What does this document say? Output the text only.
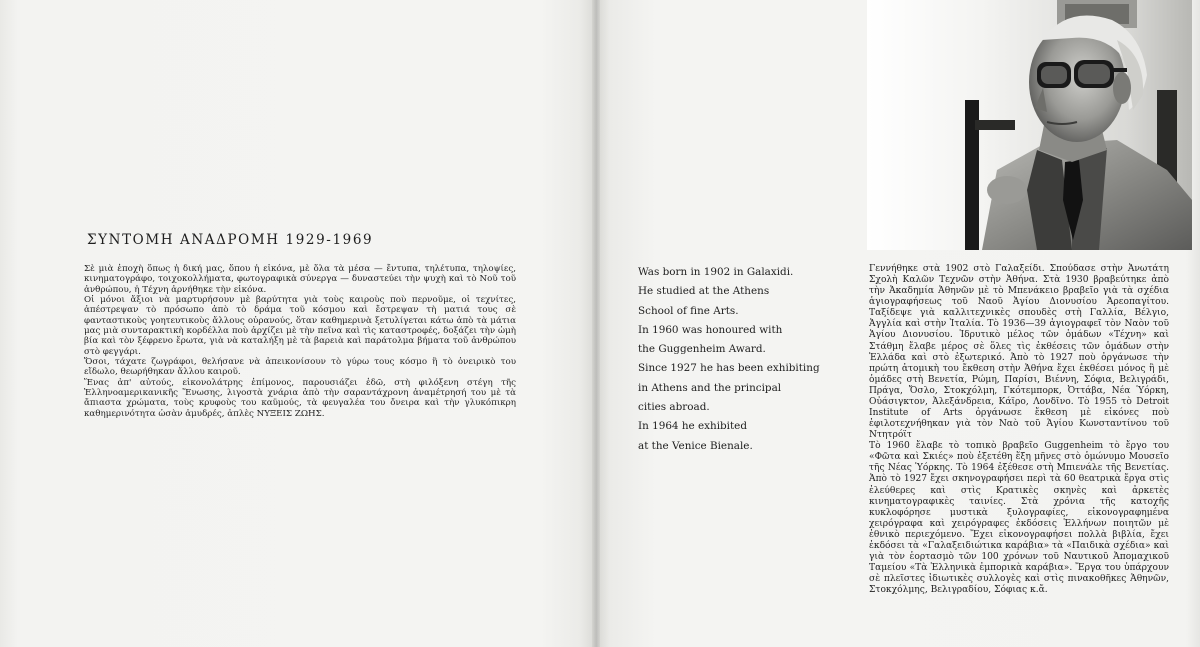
ΣΥΝΤΟΜΗ ΑΝΑΔΡΟΜΗ 1929-1969

Σὲ μιὰ ἐποχὴ ὅπως ἡ δική μας, ὅπου ἡ εἰκόνα, μὲ ὅλα τὰ μέσα — ἔντυπα, τηλέτυπα, τηλοψίες, κινηματογράφο, τοιχοκολλήματα, φωτογραφικὰ σύνεργα — δυναστεύει τὴν ψυχὴ καὶ τὸ Νοῦ τοῦ ἀνθρώπου, ἡ Τέχνη ἀρνήθηκε τὴν εἰκόνα.

Οἱ μόνοι ἄξιοι νὰ μαρτυρήσουν μὲ βαρύτητα γιὰ τοὺς καιροὺς ποὺ περνοῦμε, οἱ τεχνίτες, ἀπέστρεψαν τὸ πρόσωπο ἀπὸ τὸ δράμα τοῦ κόσμου καὶ ἔστρεψαν τὴ ματιά τους σὲ φανταστικοὺς γοητευτικοὺς ἄλλους οὐρανούς, ὅταν καθημερινὰ ξετυλίγεται κάτω ἀπὸ τὰ μάτια μας μιὰ συνταρακτικὴ κορδέλλα ποὺ ἀρχίζει μὲ τὴν πεῖνα καὶ τὶς καταστροφές, δοξάζει τὴν ὠμὴ βία καὶ τὸν ξέφρενο ἔρωτα, γιὰ νὰ καταλήξη μὲ τὰ βαρειὰ καὶ παράτολμα βήματα τοῦ ἀνθρώπου στὸ φεγγάρι.

Ὅσοι, τάχατε ζωγράφοι, θελήσανε νὰ ἀπεικονίσουν τὸ γύρω τους κόσμο ἢ τὸ ὀνειρικὸ του εἴδωλο, θεωρήθηκαν ἄλλου καιροῦ.

Ἕνας ἀπ' αὐτούς, εἰκονολάτρης ἐπίμονος, παρουσιάζει ἐδῶ, στὴ φιλόξενη στέγη τῆς Ἑλληνοαμερικανικῆς Ἕνωσης, λιγοστὰ χνάρια ἀπὸ τὴν σαραντάχρονη ἀναμέτρησή του μὲ τὰ ἄπιαστα χρώματα, τοὺς κρυφοὺς του καϋμούς, τὰ φευγαλέα του ὄνειρα καὶ τὴν γλυκόπικρη καθημερινότητα ὡσὰν ἀμυδρές, ἁπλὲς ΝΥΞΕΙΣ ΖΩΗΣ.

Was born in 1902 in Galaxidi.
He studied at the Athens
School of fine Arts.
In 1960 was honoured with
the Guggenheim Award.
Since 1927 he has been exhibiting
in Athens and the principal
cities abroad.
In 1964 he exhibited
at the Venice Bienale.

Γεννήθηκε στὰ 1902 στὸ Γαλαξείδι. Σπούδασε στὴν Ἀνωτάτη Σχολὴ Καλῶν Τεχνῶν στὴν Ἀθήνα. Στὰ 1930 βραβεύτηκε ἀπὸ τὴν Ἀκαδημία Ἀθηνῶν μὲ τὸ Μπενάκειο βραβεῖο γιὰ τὰ σχέδια ἁγιογραφήσεως τοῦ Ναοῦ Ἁγίου Διονυσίου Ἀρεοπαγίτου. Ταξίδεψε γιὰ καλλιτεχνικὲς σπουδὲς στὴ Γαλλία, Βέλγιο, Ἀγγλία καὶ στὴν Ἰταλία. Τὸ 1936—39 ἁγιογραφεῖ τὸν Ναὸν τοῦ Ἁγίου Διονυσίου. Ἱδρυτικὸ μέλος τῶν ὁμάδων «Τέχνη» καὶ Στάθμη ἔλαβε μέρος σὲ ὅλες τὶς ἐκθέσεις τῶν ὁμάδων στὴν Ἑλλάδα καὶ στὸ ἐξωτερικό. Ἀπὸ τὸ 1927 ποὺ ὀργάνωσε τὴν πρώτη ἀτομικὴ του ἔκθεση στὴν Ἀθήνα ἔχει ἐκθέσει μόνος ἢ μὲ ὁμάδες στὴ Βενετία, Ρώμη, Παρίσι, Βιέννη, Σόφια, Βελιγράδι, Πράγα, Ὄσλο, Στοκχόλμη, Γκότεμπορκ, Ὀττάβα, Νέα Ὑόρκη, Οὐάσιγκτον, Ἀλεξάνδρεια, Κάϊρο, Λονδῖνο. Τὸ 1955 τὸ Detroit Institute of Arts ὀργάνωσε ἔκθεση μὲ εἰκόνες ποὺ ἐφιλοτεχνήθηκαν γιὰ τὸν Ναὸ τοῦ Ἁγίου Κωνσταντίνου τοῦ Ντητρόϊτ

Τὸ 1960 ἔλαβε τὸ τοπικὸ βραβεῖο Guggenheim τὸ ἔργο του «Φῶτα καὶ Σκιές» ποὺ ἐξετέθη ἕξη μῆνες στὸ ὁμώνυμο Μουσεῖο τῆς Νέας Ὑόρκης. Τὸ 1964 ἐξέθεσε στὴ Μπιενάλε τῆς Βενετίας. Ἀπὸ τὸ 1927 ἔχει σκηνογραφήσει περὶ τὰ 60 θεατρικὰ ἔργα στὶς ἐλεύθερες καὶ στὶς Κρατικὲς σκηνὲς καὶ ἀρκετὲς κινηματογραφικὲς ταινίες. Στὰ χρόνια τῆς κατοχῆς κυκλοφόρησε μυστικὰ ξυλογραφίες, εἰκονογραφημένα χειρόγραφα καὶ χειρόγραφες ἐκδόσεις Ἑλλήνων ποιητῶν μὲ ἐθνικὸ περιεχόμενο. Ἔχει εἰκονογραφήσει πολλὰ βιβλία, ἔχει ἐκδόσει τὰ «Γαλαξειδιώτικα καράβια» τὰ «Παιδικὰ σχέδια» καὶ γιὰ τὸν ἑορτασμὸ τῶν 100 χρόνων τοῦ Ναυτικοῦ Ἀπομαχικοῦ Ταμείου «Τὰ Ἑλληνικὰ ἐμπορικὰ καράβια». Ἔργα του ὑπάρχουν σὲ πλεῖστες ἰδιωτικὲς συλλογὲς καὶ στὶς πινακοθῆκες Ἀθηνῶν, Στοκχόλμης, Βελιγραδίου, Σόφιας κ.ἄ.
